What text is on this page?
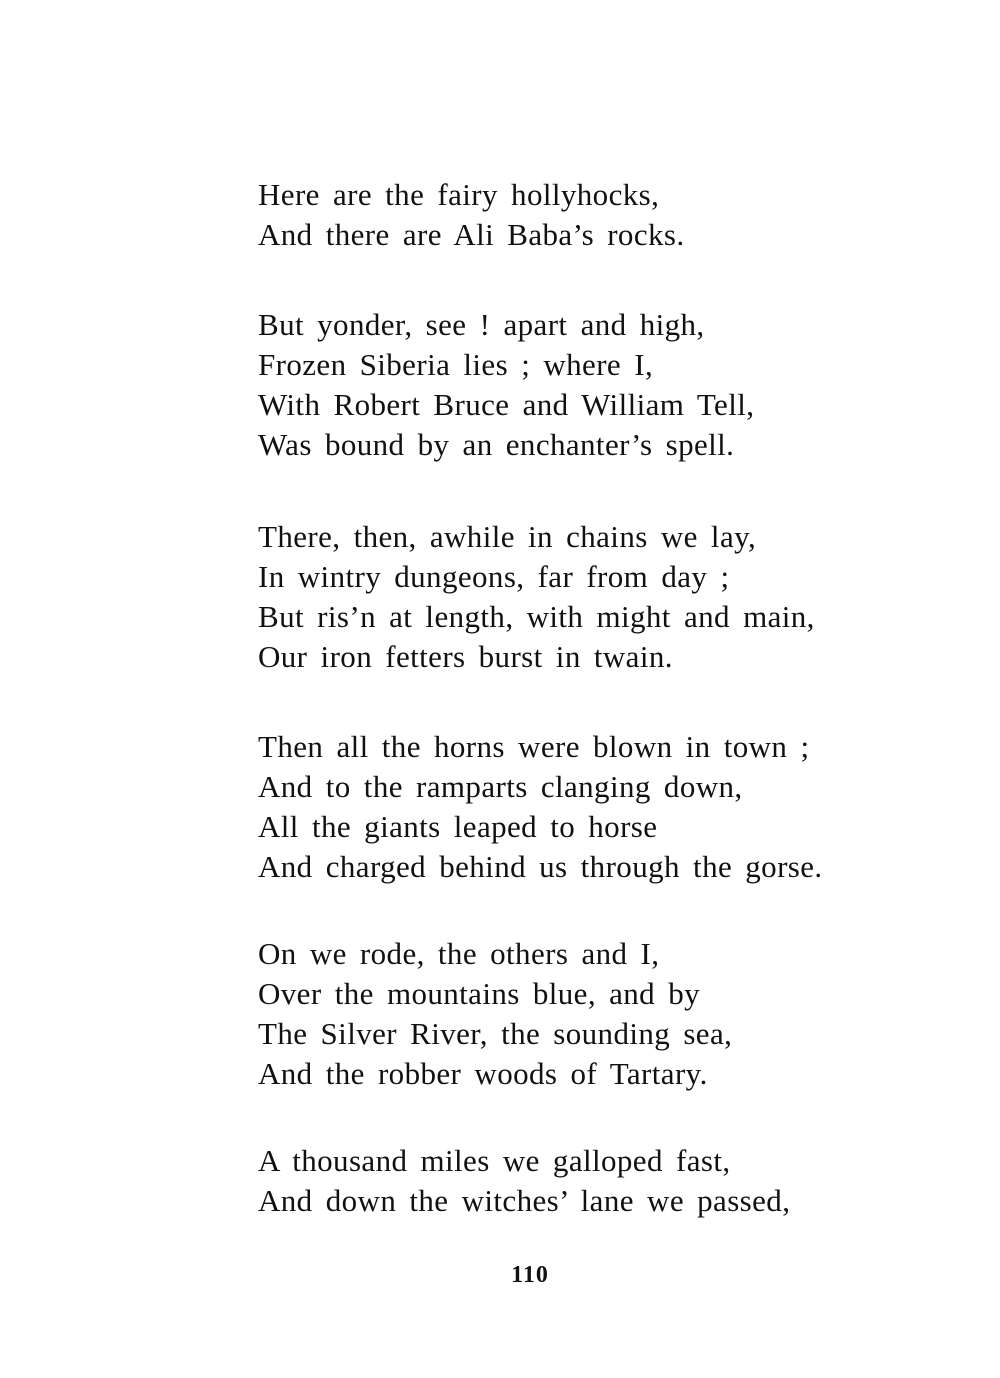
Here are the fairy hollyhocks,
And there are Ali Baba’s rocks.
But yonder, see ! apart and high,
Frozen Siberia lies ; where I,
With Robert Bruce and William Tell,
Was bound by an enchanter’s spell.
There, then, awhile in chains we lay,
In wintry dungeons, far from day ;
But ris’n at length, with might and main,
Our iron fetters burst in twain.
Then all the horns were blown in town ;
And to the ramparts clanging down,
All the giants leaped to horse
And charged behind us through the gorse.
On we rode, the others and I,
Over the mountains blue, and by
The Silver River, the sounding sea,
And the robber woods of Tartary.
A thousand miles we galloped fast,
And down the witches’ lane we passed,
110
